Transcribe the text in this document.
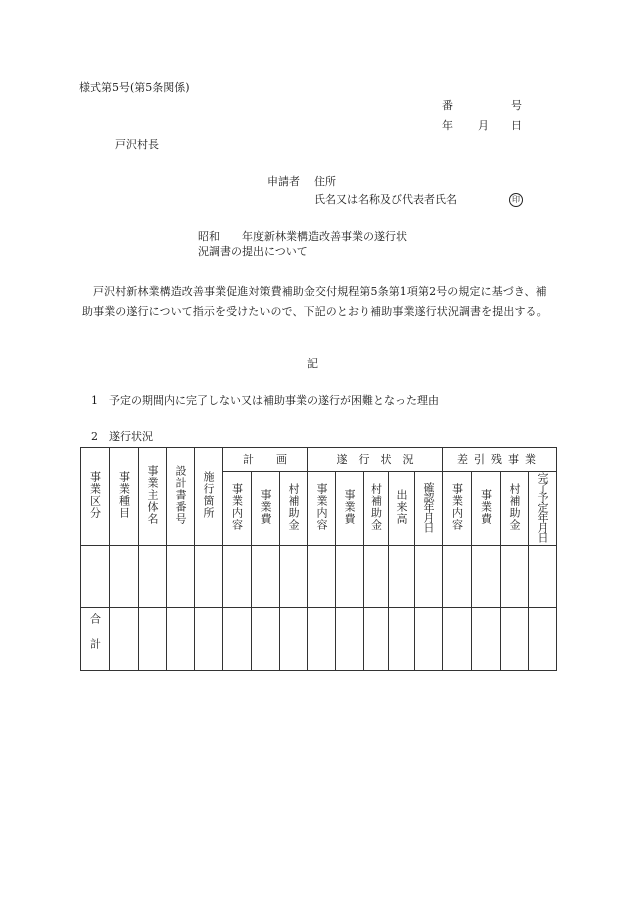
様式第5号(第5条関係)
番	号
年 月 日
戸沢村長
申請者 住所
氏名又は名称及び代表者氏名	印
昭和　　年度新林業構造改善事業の遂行状
況調書の提出について
戸沢村新林業構造改善事業促進対策費補助金交付規程第5条第1項第2号の規定に基づき、補助事業の遂行について指示を受けたいので、下記のとおり補助事業遂行状況調書を提出する。
記
1　予定の期間内に完了しない又は補助事業の遂行が困難となった理由
2　遂行状況
事業区分	事業種目	事業主体名	設計書番号	施行箇所	計　　画			遂　行　状　況					差引残事業			
					事業内容	事業費	村補助金	事業内容	事業費	村補助金	出来高	確認年月日	事業内容	事業費	村補助金	完了予定年月日

合計																
